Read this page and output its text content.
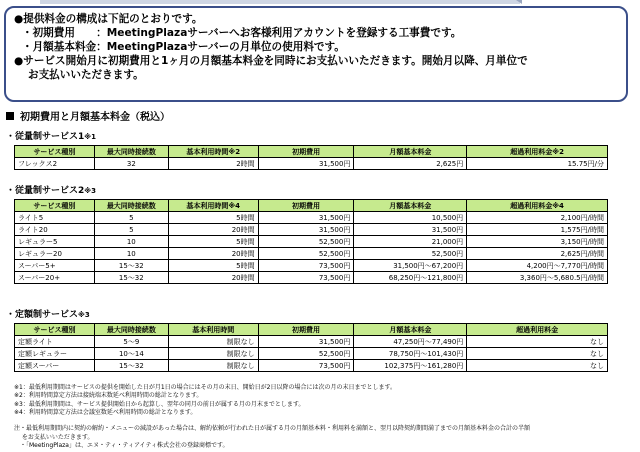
●提供料金の構成は下記のとおりです。
・初期費用　　：MeetingPlazaサーバーへお客様利用アカウントを登録する工事費です。
・月額基本料金：MeetingPlazaサーバーの月単位の使用料です。
●サービス開始月に初期費用と1ヶ月の月額基本料金を同時にお支払いいただきます。開始月以降、月単位で
お支払いいただきます。
初期費用と月額基本料金（税込）
・従量制サービス1※1
サービス種別	最大同時接続数	基本利用時間※2	初期費用	月額基本料金	超過利用料金※2
フレックス2	32	2時間	31,500円	2,625円	15.75円/分
・従量制サービス2※3
サービス種別	最大同時接続数	基本利用時間※4	初期費用	月額基本料金	超過利用料金※4
ライト5	5	5時間	31,500円	10,500円	2,100円/時間
ライト20	5	20時間	31,500円	31,500円	1,575円/時間
レギュラー5	10	5時間	52,500円	21,000円	3,150円/時間
レギュラー20	10	20時間	52,500円	52,500円	2,625円/時間
スーパー5+	15～32	5時間	73,500円	31,500円～67,200円	4,200円～7,770円/時間
スーパー20+	15～32	20時間	73,500円	68,250円～121,800円	3,360円～5,680.5円/時間
・定額制サービス※3
サービス種別	最大同時接続数	基本利用時間	初期費用	月額基本料金	超過利用料金
定額ライト	5～9	制限なし	31,500円	47,250円～77,490円	なし
定額レギュラー	10～14	制限なし	52,500円	78,750円～101,430円	なし
定額スーパー	15～32	制限なし	73,500円	102,375円～161,280円	なし
※1：最低利用期間はサービスの提供を開始した日が月1日の場合にはその月の末日、開始日が2日以降の場合には次の月の末日までとします。
※2：利用時間算定方法は接続端末数延べ利用時間の総計となります。
※3：最低利用期間は、サービス提供開始日から起算し、翌年の同月の前日が属する月の月末までとします。
※4：利用時間算定方法は会議室数延べ利用時間の総計となります。

注・最低利用期間内に契約の解約・メニューの減設があった場合は、解約依頼が行われた日が属する月の月額基本料・利用料を満額と、翌月以降契約期間満了までの月額基本料金の合計の半額
　 をお支払いいただきます。
　・「MeetingPlaza」は、エヌ・ティ・ティアイティ株式会社の登録商標です。
